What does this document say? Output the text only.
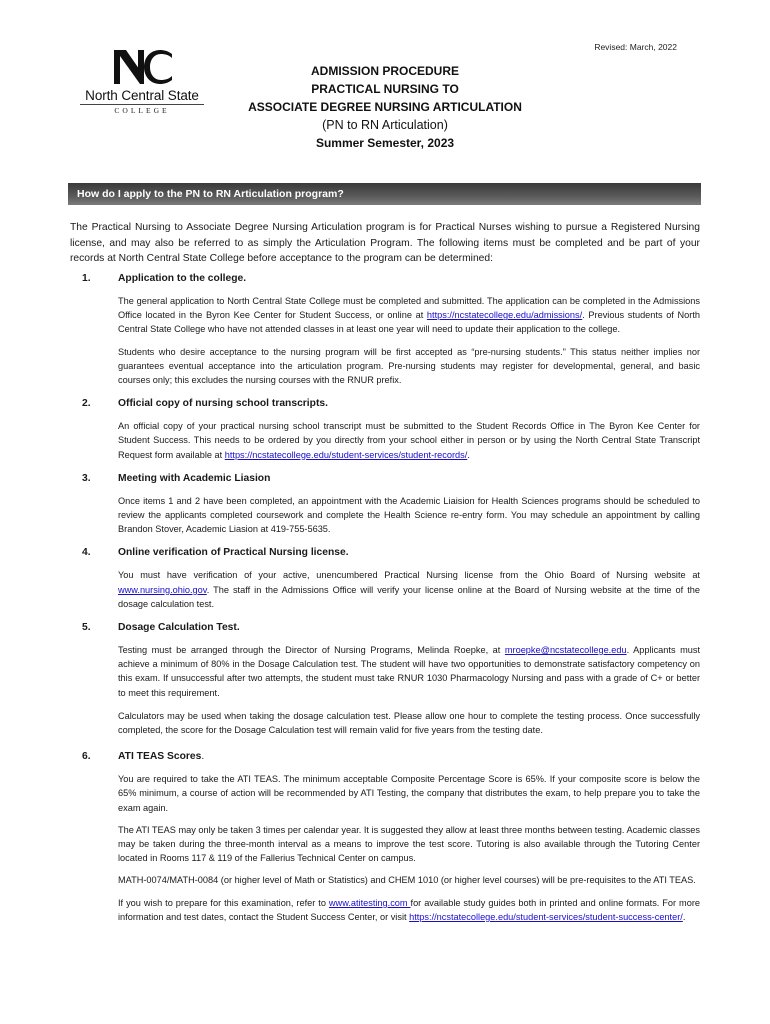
North Central State
COLLEGE
Revised: March, 2022
ADMISSION PROCEDURE
PRACTICAL NURSING TO
ASSOCIATE DEGREE NURSING ARTICULATION
(PN to RN Articulation)
Summer Semester, 2023
How do I apply to the PN to RN Articulation program?
The Practical Nursing to Associate Degree Nursing Articulation program is for Practical Nurses wishing to pursue a Registered Nursing license, and may also be referred to as simply the Articulation Program. The following items must be completed and be part of your records at North Central State College before acceptance to the program can be determined:
1.	Application to the college.
The general application to North Central State College must be completed and submitted. The application can be completed in the Admissions Office located in the Byron Kee Center for Student Success, or online at https://ncstatecollege.edu/admissions/. Previous students of North Central State College who have not attended classes in at least one year will need to update their application to the college.
Students who desire acceptance to the nursing program will be first accepted as “pre-nursing students.” This status neither implies nor guarantees eventual acceptance into the articulation program. Pre-nursing students may register for developmental, general, and basic courses only; this excludes the nursing courses with the RNUR prefix.
2.	Official copy of nursing school transcripts.
An official copy of your practical nursing school transcript must be submitted to the Student Records Office in The Byron Kee Center for Student Success. This needs to be ordered by you directly from your school either in person or by using the North Central State Transcript Request form available at https://ncstatecollege.edu/student-services/student-records/.
3.	Meeting with Academic Liasion
Once items 1 and 2 have been completed, an appointment with the Academic Liaision for Health Sciences programs should be scheduled to review the applicants completed coursework and complete the Health Science re-entry form. You may schedule an appointment by calling Brandon Stover, Academic Liasion at 419-755-5635.
4.	Online verification of Practical Nursing license.
You must have verification of your active, unencumbered Practical Nursing license from the Ohio Board of Nursing website at www.nursing.ohio.gov. The staff in the Admissions Office will verify your license online at the Board of Nursing website at the time of the dosage calculation test.
5.	Dosage Calculation Test.
Testing must be arranged through the Director of Nursing Programs, Melinda Roepke, at mroepke@ncstatecollege.edu. Applicants must achieve a minimum of 80% in the Dosage Calculation test. The student will have two opportunities to demonstrate satisfactory competency on this exam. If unsuccessful after two attempts, the student must take RNUR 1030 Pharmacology Nursing and pass with a grade of C+ or better to meet this requirement.
Calculators may be used when taking the dosage calculation test. Please allow one hour to complete the testing process. Once successfully completed, the score for the Dosage Calculation test will remain valid for five years from the testing date.
6.	ATI TEAS Scores .
You are required to take the ATI TEAS. The minimum acceptable Composite Percentage Score is 65%. If your composite score is below the 65% minimum, a course of action will be recommended by ATI Testing, the company that distributes the exam, to help prepare you to take the exam again.
The ATI TEAS may only be taken 3 times per calendar year. It is suggested they allow at least three months between testing. Academic classes may be taken during the three-month interval as a means to improve the test score. Tutoring is also available through the Tutoring Center located in Rooms 117 & 119 of the Fallerius Technical Center on campus.
MATH-0074/MATH-0084 (or higher level of Math or Statistics) and CHEM 1010 (or higher level courses) will be pre-requisites to the ATI TEAS.
If you wish to prepare for this examination, refer to www.atitesting.com for available study guides both in printed and online formats. For more information and test dates, contact the Student Success Center, or visit https://ncstatecollege.edu/student-services/student-success-center/.
